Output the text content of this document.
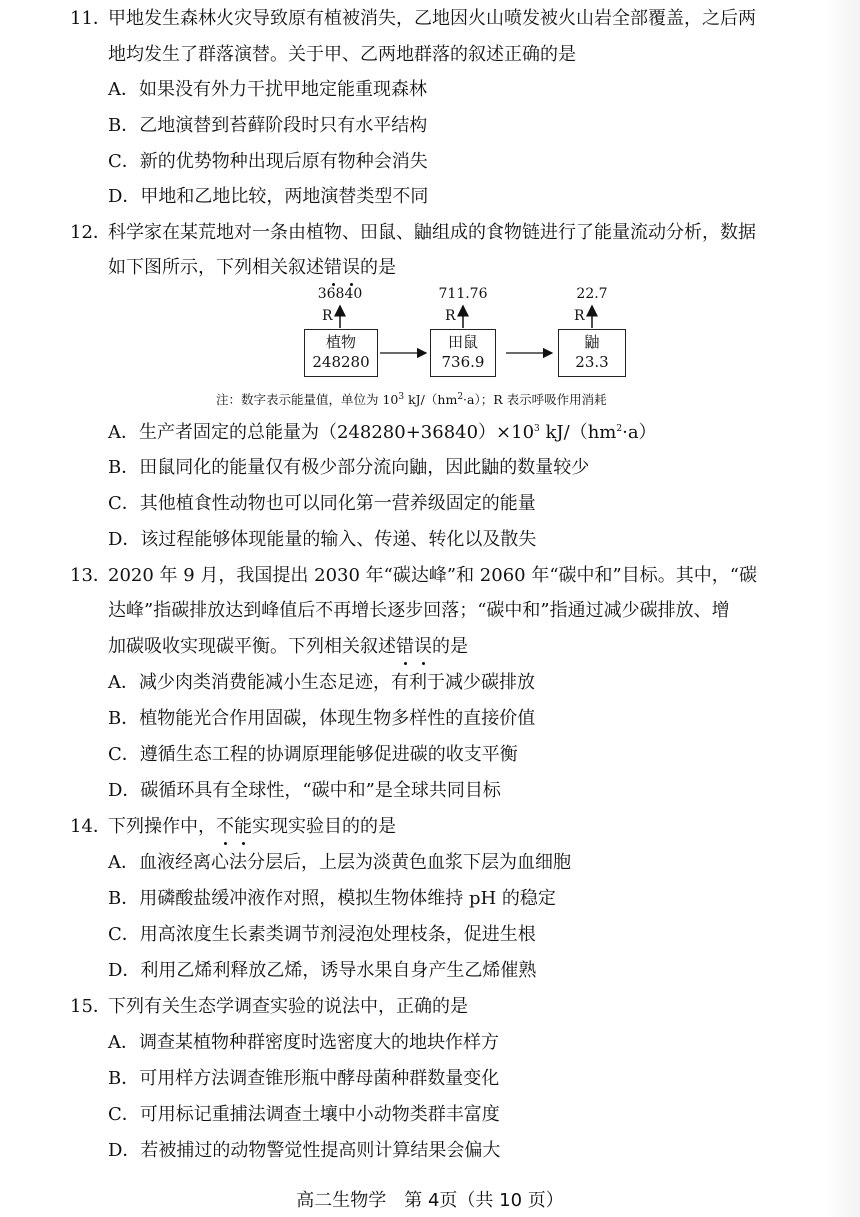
11．
甲地发生森林火灾导致原有植被消失，乙地因火山喷发被火山岩全部覆盖，之后两
地均发生了群落演替。关于甲、乙两地群落的叙述正确的是
A．如果没有外力干扰甲地定能重现森林
B．乙地演替到苔藓阶段时只有水平结构
C．新的优势物种出现后原有物种会消失
D．甲地和乙地比较，两地演替类型不同
12．
科学家在某荒地对一条由植物、田鼠、鼬组成的食物链进行了能量流动分析，数据
如下图所示，下列相关叙述错误的是
36840	711.76	22.7
R	R	R
植物
248280
田鼠
736.9
鼬
23.3
注：数字表示能量值，单位为 $10^3$ $kJ/(hm^2\cdot a)$；R 表示呼吸作用消耗
A．生产者固定的总能量为$(248280+36840)\times 10^3$ $kJ/(hm^2\cdot a)$
B．田鼠同化的能量仅有极少部分流向鼬，因此鼬的数量较少
C．其他植食性动物也可以同化第一营养级固定的能量
D．该过程能够体现能量的输入、传递、转化以及散失
13．
2020 年 9 月，我国提出 2030 年“碳达峰”和 2060 年“碳中和”目标。其中，“碳
达峰”指碳排放达到峰值后不再增长逐步回落；“碳中和”指通过减少碳排放、增
加碳吸收实现碳平衡。下列相关叙述错误的是
A．减少肉类消费能减小生态足迹，有利于减少碳排放
B．植物能光合作用固碳，体现生物多样性的直接价值
C．遵循生态工程的协调原理能够促进碳的收支平衡
D．碳循环具有全球性，“碳中和”是全球共同目标
14．
下列操作中，不能实现实验目的的是
A．血液经离心法分层后，上层为淡黄色血浆下层为血细胞
B．用磷酸盐缓冲液作对照，模拟生物体维持 pH 的稳定
C．用高浓度生长素类调节剂浸泡处理枝条，促进生根
D．利用乙烯利释放乙烯，诱导水果自身产生乙烯催熟
15．
下列有关生态学调查实验的说法中，正确的是
A．调查某植物种群密度时选密度大的地块作样方
B．可用样方法调查锥形瓶中酵母菌种群数量变化
C．可用标记重捕法调查土壤中小动物类群丰富度
D．若被捕过的动物警觉性提高则计算结果会偏大
高二生物学　第 4页（共 10 页）
